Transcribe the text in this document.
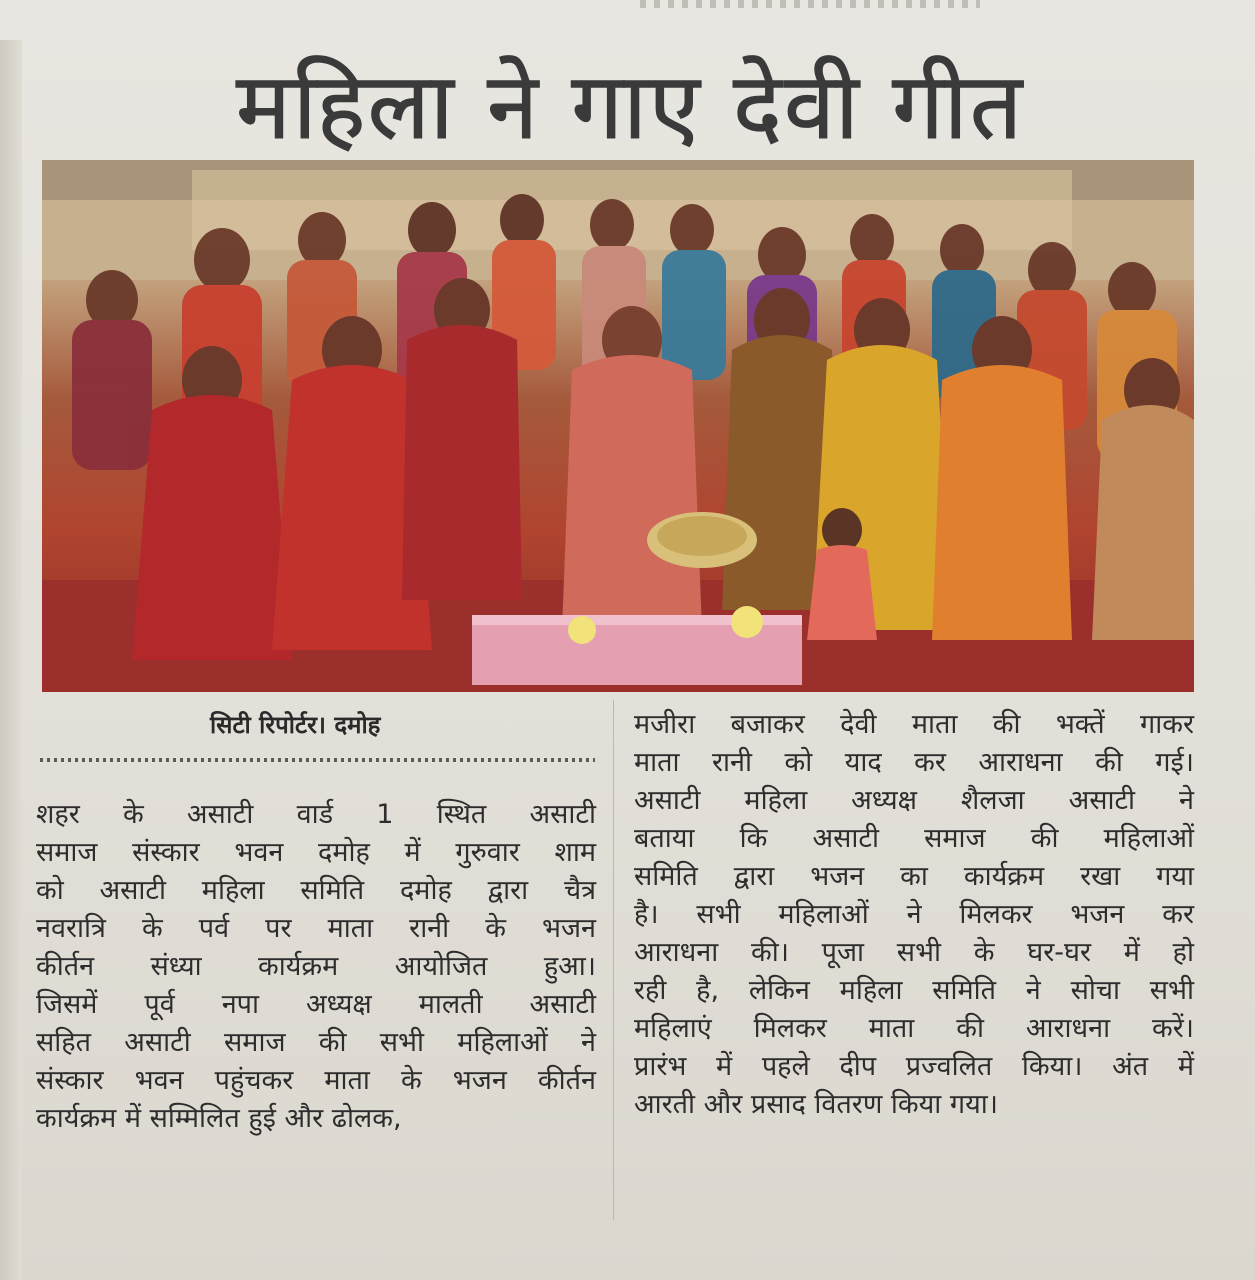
महिला ने गाए देवी गीत
सिटी रिपोर्टर। दमोह
शहर के असाटी वार्ड 1 स्थित असाटी
समाज संस्कार भवन दमोह में गुरुवार शाम
को असाटी महिला समिति दमोह द्वारा चैत्र
नवरात्रि के पर्व पर माता रानी के भजन
कीर्तन संध्या कार्यक्रम आयोजित हुआ।
जिसमें पूर्व नपा अध्यक्ष मालती असाटी
सहित असाटी समाज की सभी महिलाओं ने
संस्कार भवन पहुंचकर माता के भजन कीर्तन
कार्यक्रम में सम्मिलित हुई और ढोलक,
मजीरा बजाकर देवी माता की भक्तें गाकर
माता रानी को याद कर आराधना की गई।
असाटी महिला अध्यक्ष शैलजा असाटी ने
बताया कि असाटी समाज की महिलाओं
समिति द्वारा भजन का कार्यक्रम रखा गया
है। सभी महिलाओं ने मिलकर भजन कर
आराधना की। पूजा सभी के घर-घर में हो
रही है, लेकिन महिला समिति ने सोचा सभी
महिलाएं मिलकर माता की आराधना करें।
प्रारंभ में पहले दीप प्रज्वलित किया। अंत में
आरती और प्रसाद वितरण किया गया।
